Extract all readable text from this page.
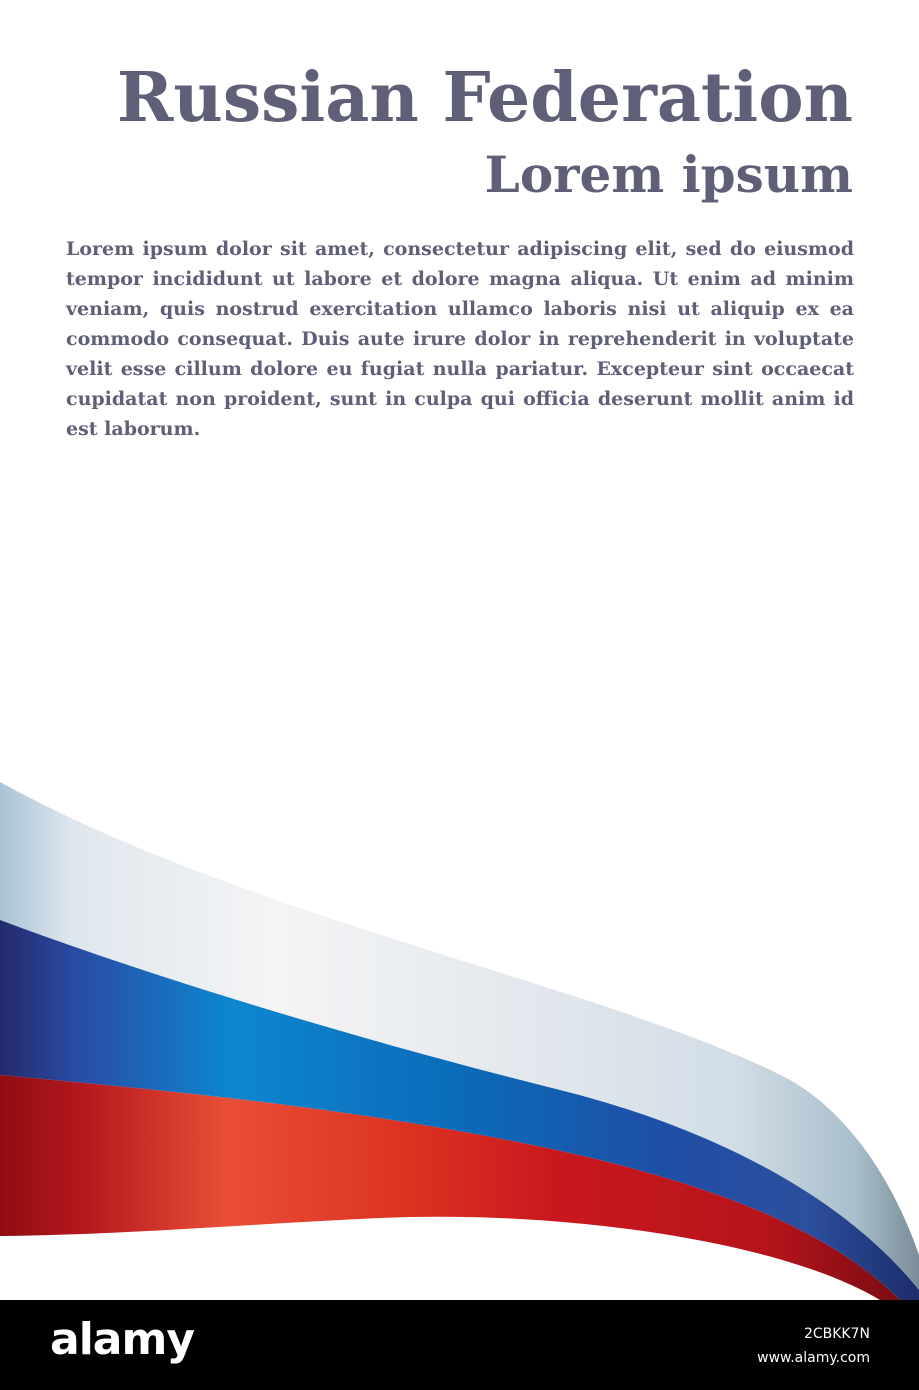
Russian Federation
Lorem ipsum

Lorem ipsum dolor sit amet, consectetur adipiscing elit, sed do eiusmod tempor incididunt ut labore et dolore magna aliqua. Ut enim ad minim veniam, quis nostrud exercitation ullamco laboris nisi ut aliquip ex ea commodo consequat. Duis aute irure dolor in reprehenderit in voluptate velit esse cillum dolore eu fugiat nulla pariatur. Excepteur sint occaecat cupidatat non proident, sunt in culpa qui officia deserunt mollit anim id est laborum.

alamy	2CBKK7N
www.alamy.com
